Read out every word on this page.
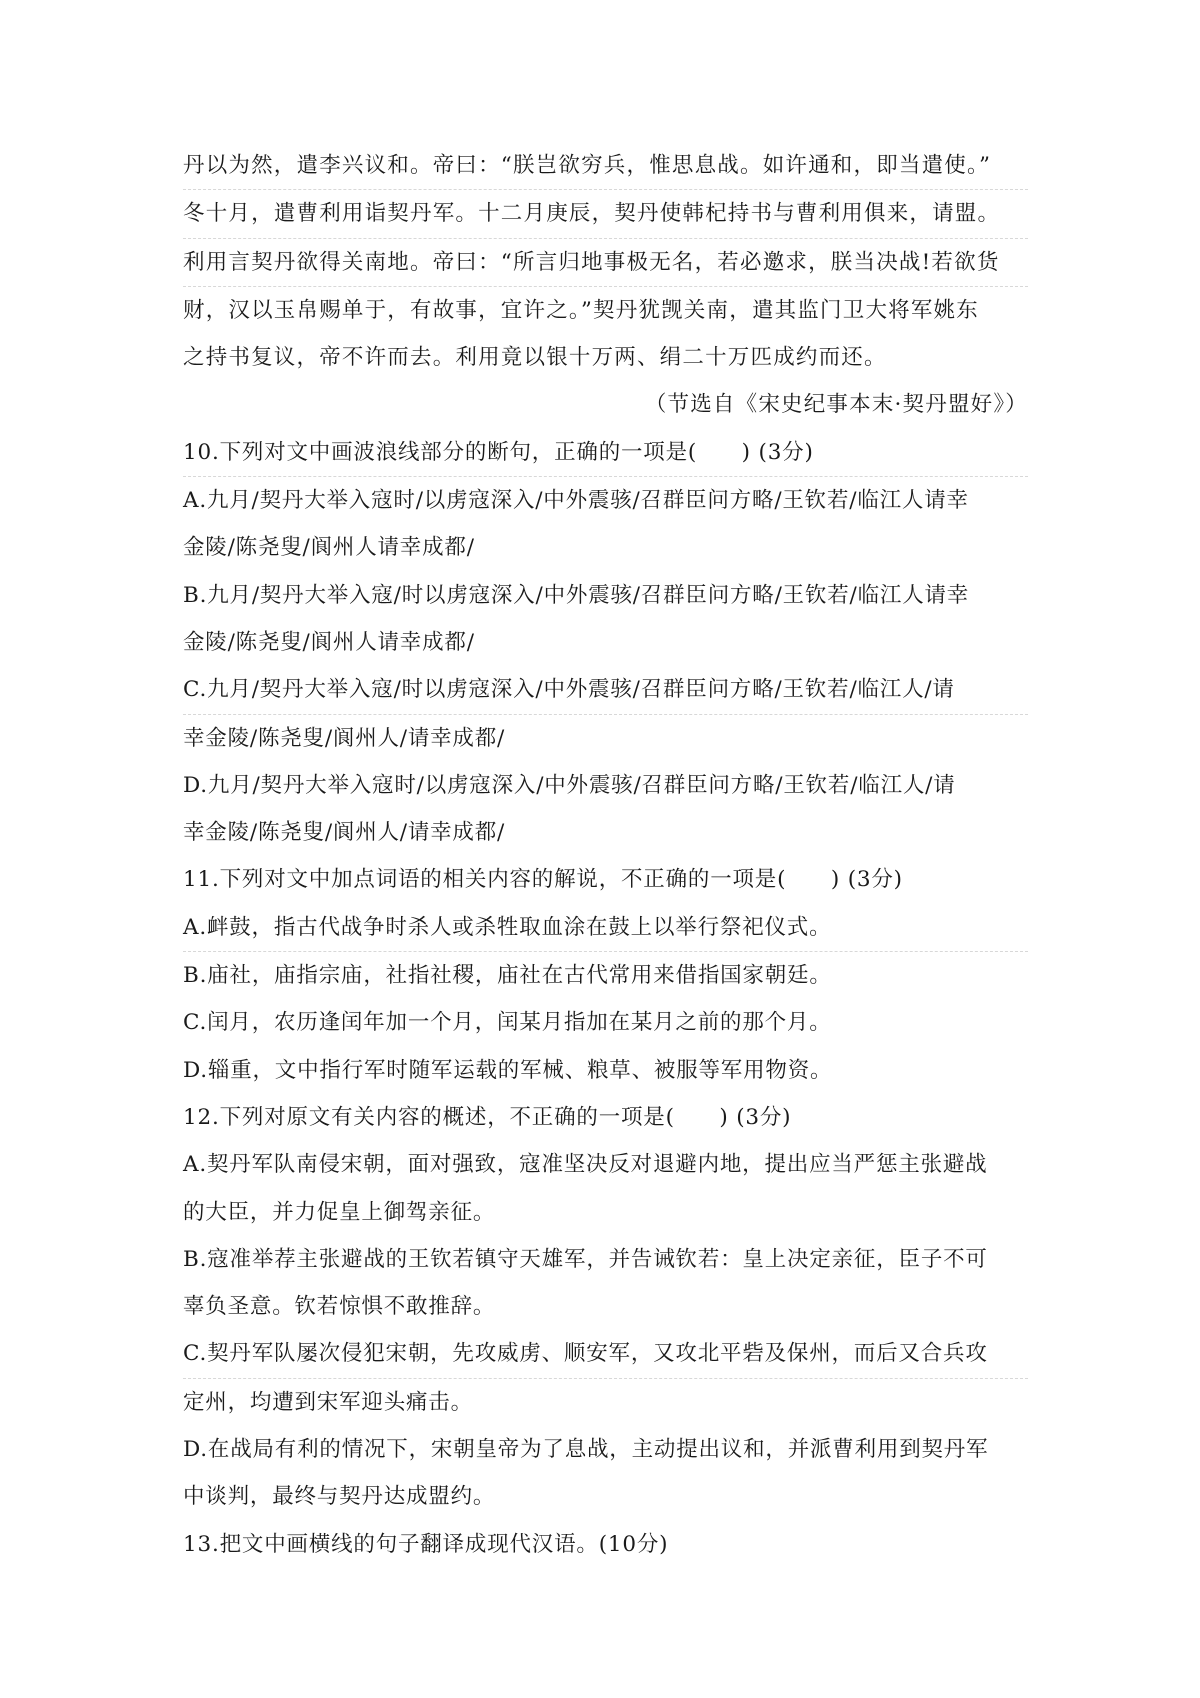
丹以为然，遣李兴议和。帝曰：“朕岂欲穷兵，惟思息战。如许通和，即当遣使。”
冬十月，遣曹利用诣契丹军。十二月庚辰，契丹使韩杞持书与曹利用俱来，请盟。
利用言契丹欲得关南地。帝曰：“所言归地事极无名，若必邀求，朕当决战!若欲货
财，汉以玉帛赐单于，有故事，宜许之。”契丹犹觊关南，遣其监门卫大将军姚东
之持书复议，帝不许而去。利用竟以银十万两、绢二十万匹成约而还。
（节选自《宋史纪事本末·契丹盟好》）
10.下列对文中画波浪线部分的断句，正确的一项是(　　) (3分)
A.九月/契丹大举入寇时/以虏寇深入/中外震骇/召群臣问方略/王钦若/临江人请幸
金陵/陈尧叟/阆州人请幸成都/
B.九月/契丹大举入寇/时以虏寇深入/中外震骇/召群臣问方略/王钦若/临江人请幸
金陵/陈尧叟/阆州人请幸成都/
C.九月/契丹大举入寇/时以虏寇深入/中外震骇/召群臣问方略/王钦若/临江人/请
幸金陵/陈尧叟/阆州人/请幸成都/
D.九月/契丹大举入寇时/以虏寇深入/中外震骇/召群臣问方略/王钦若/临江人/请
幸金陵/陈尧叟/阆州人/请幸成都/
11.下列对文中加点词语的相关内容的解说，不正确的一项是(　　) (3分)
A.衅鼓，指古代战争时杀人或杀牲取血涂在鼓上以举行祭祀仪式。
B.庙社，庙指宗庙，社指社稷，庙社在古代常用来借指国家朝廷。
C.闰月，农历逢闰年加一个月，闰某月指加在某月之前的那个月。
D.辎重，文中指行军时随军运载的军械、粮草、被服等军用物资。
12.下列对原文有关内容的概述，不正确的一项是(　　) (3分)
A.契丹军队南侵宋朝，面对强致，寇准坚决反对退避内地，提出应当严惩主张避战
的大臣，并力促皇上御驾亲征。
B.寇准举荐主张避战的王钦若镇守天雄军，并告诫钦若：皇上决定亲征，臣子不可
辜负圣意。钦若惊惧不敢推辞。
C.契丹军队屡次侵犯宋朝，先攻威虏、顺安军，又攻北平砦及保州，而后又合兵攻
定州，均遭到宋军迎头痛击。
D.在战局有利的情况下，宋朝皇帝为了息战，主动提出议和，并派曹利用到契丹军
中谈判，最终与契丹达成盟约。
13.把文中画横线的句子翻译成现代汉语。(10分)
